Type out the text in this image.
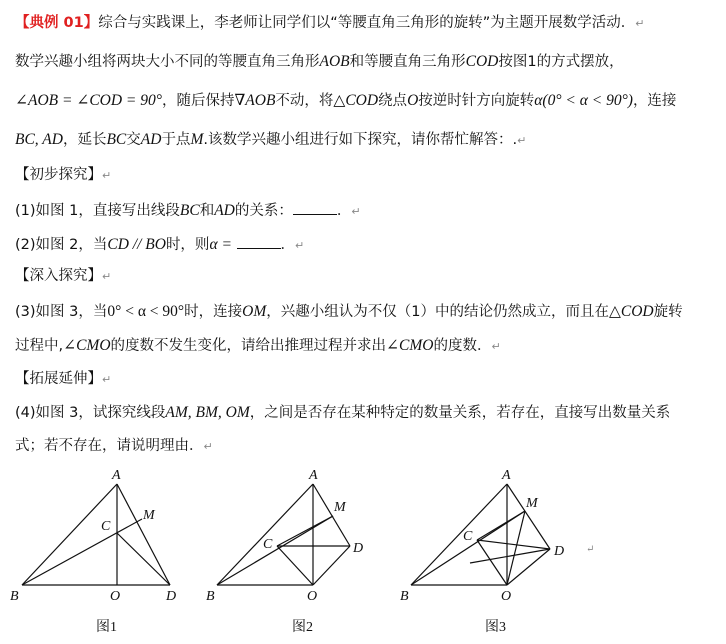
【典例 01】综合与实践课上，李老师让同学们以“等腰直角三角形的旋转”为主题开展数学活动．↵
数学兴趣小组将两块大小不同的等腰直角三角形AOB和等腰直角三角形COD按图1的方式摆放，
∠AOB = ∠COD = 90°，随后保持∇AOB不动，将△COD绕点O按逆时针方向旋转α(0° < α < 90°)，连接
BC, AD，延长BC交AD于点M.该数学兴趣小组进行如下探究，请你帮忙解答：.↵
【初步探究】↵
(1)如图 1，直接写出线段BC和AD的关系：	．↵
(2)如图 2，当CD // BO时，则α =	．↵
【深入探究】↵
(3)如图 3，当0° < α < 90°时，连接OM，兴趣小组认为不仅（1）中的结论仍然成立，而且在△COD旋转
过程中,∠CMO的度数不发生变化，请给出推理过程并求出∠CMO的度数．↵
【拓展延伸】↵
(4)如图 3，试探究线段AM, BM, OM，之间是否存在某种特定的数量关系，若存在，直接写出数量关系
式；若不存在，请说明理由．↵
A
B
C
D
M
O
图1
A
B
C	D
M
O
图2
A
B
C
D
M
O
图3
↵
